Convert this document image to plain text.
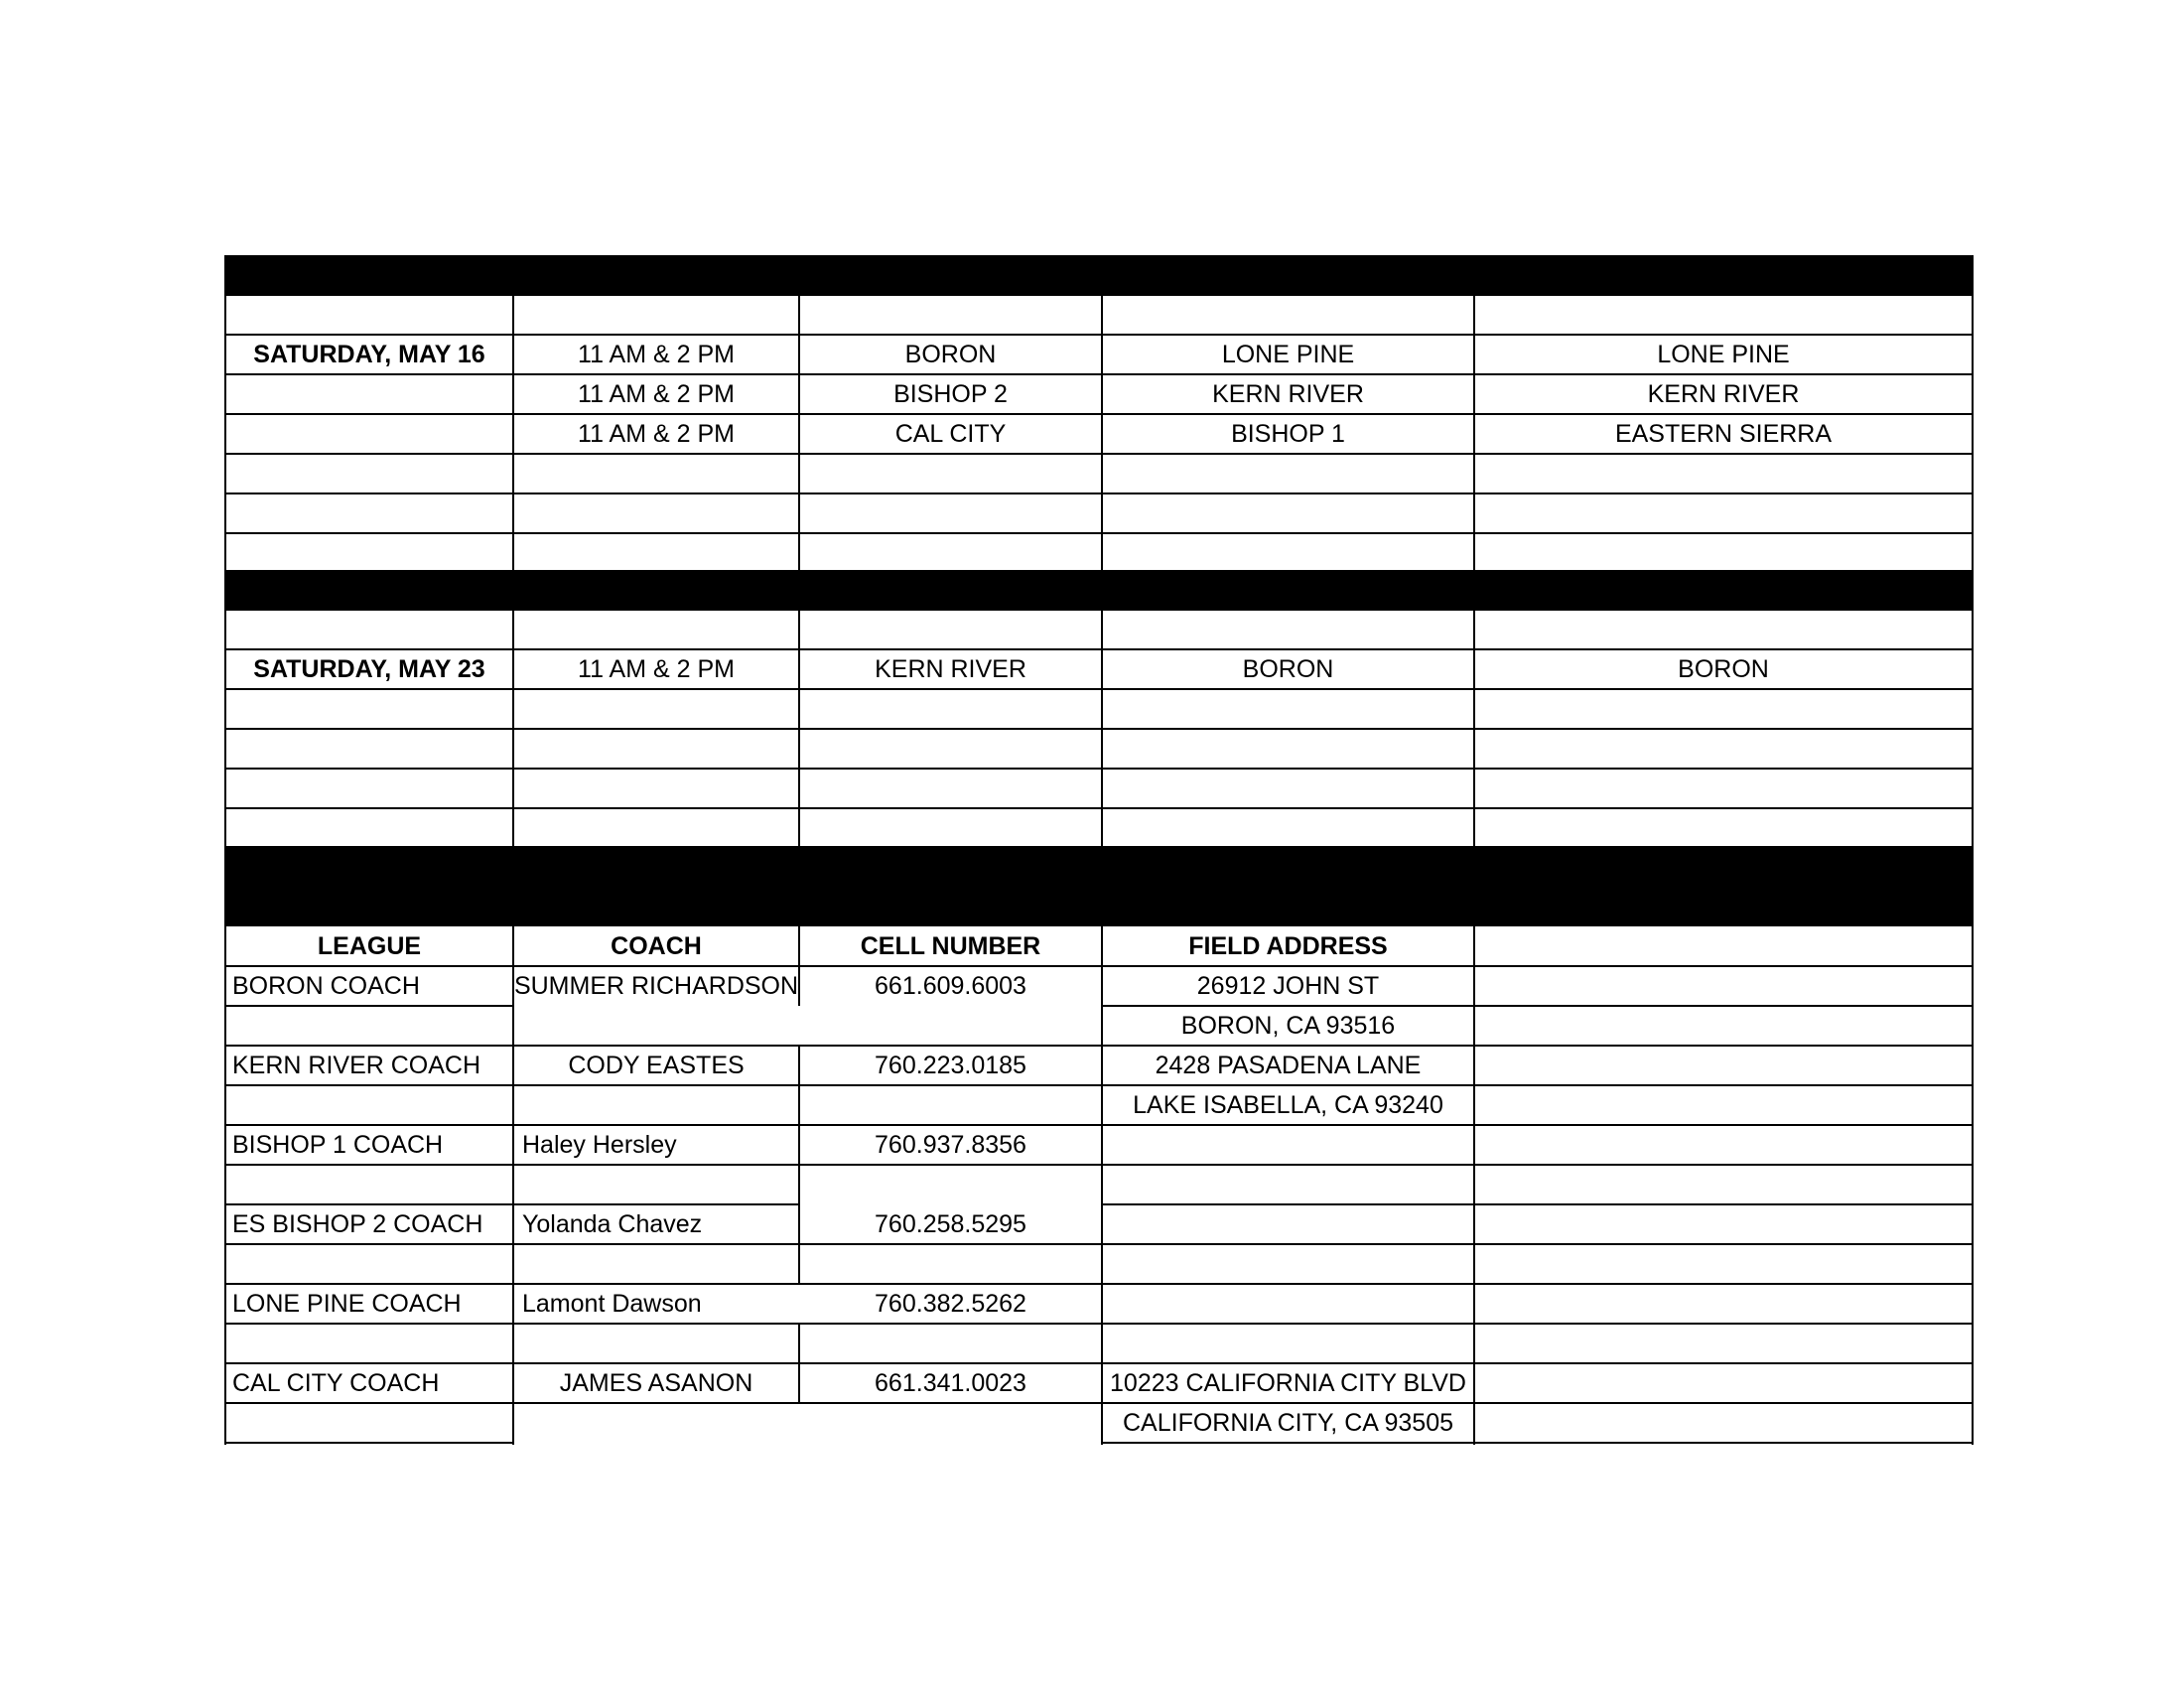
SATURDAY, MAY 16	11 AM & 2 PM	BORON	LONE PINE	LONE PINE
11 AM & 2 PM	BISHOP 2	KERN RIVER	KERN RIVER
11 AM & 2 PM	CAL CITY	BISHOP 1	EASTERN SIERRA
SATURDAY, MAY 23	11 AM & 2 PM	KERN RIVER	BORON	BORON
LEAGUE	COACH	CELL NUMBER	FIELD ADDRESS
BORON COACH	SUMMER RICHARDSON	661.609.6003	26912 JOHN ST
BORON, CA 93516
KERN RIVER COACH	CODY EASTES	760.223.0185	2428 PASADENA LANE
LAKE ISABELLA, CA 93240
BISHOP 1 COACH	Haley Hersley	760.937.8356
ES BISHOP 2 COACH	Yolanda Chavez	760.258.5295
LONE PINE COACH	Lamont Dawson	760.382.5262
CAL CITY COACH	JAMES ASANON	661.341.0023	10223 CALIFORNIA CITY BLVD
CALIFORNIA CITY, CA 93505
